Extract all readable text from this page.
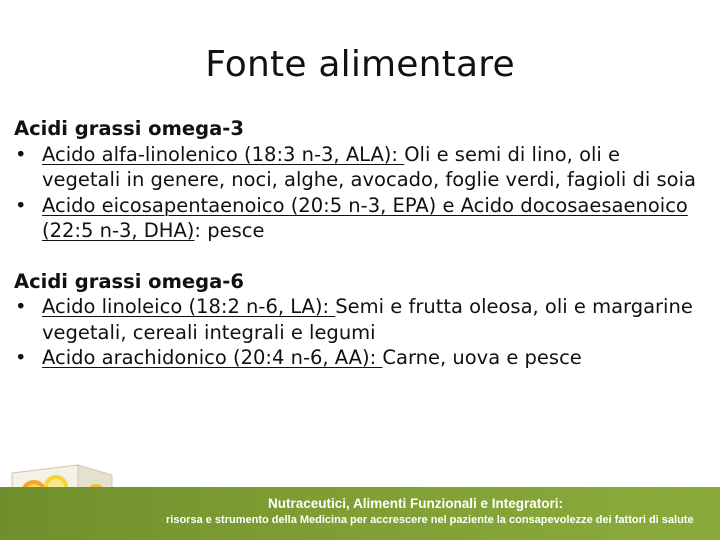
Fonte alimentare
Acidi grassi omega-3
• Acido alfa-linolenico (18:3 n-3, ALA): Oli e semi di lino, oli e vegetali in genere, noci, alghe, avocado, foglie verdi, fagioli di soia
• Acido eicosapentaenoico (20:5 n-3, EPA) e Acido docosaesaenoico (22:5 n-3, DHA): pesce
Acidi grassi omega-6
• Acido linoleico (18:2 n-6, LA): Semi e frutta oleosa, oli e margarine vegetali, cereali integrali e legumi
• Acido arachidonico (20:4 n-6, AA): Carne, uova e pesce
Nutraceutici, Alimenti Funzionali e Integratori:
risorsa e strumento della Medicina per accrescere nel paziente la consapevolezze dei fattori di salute
